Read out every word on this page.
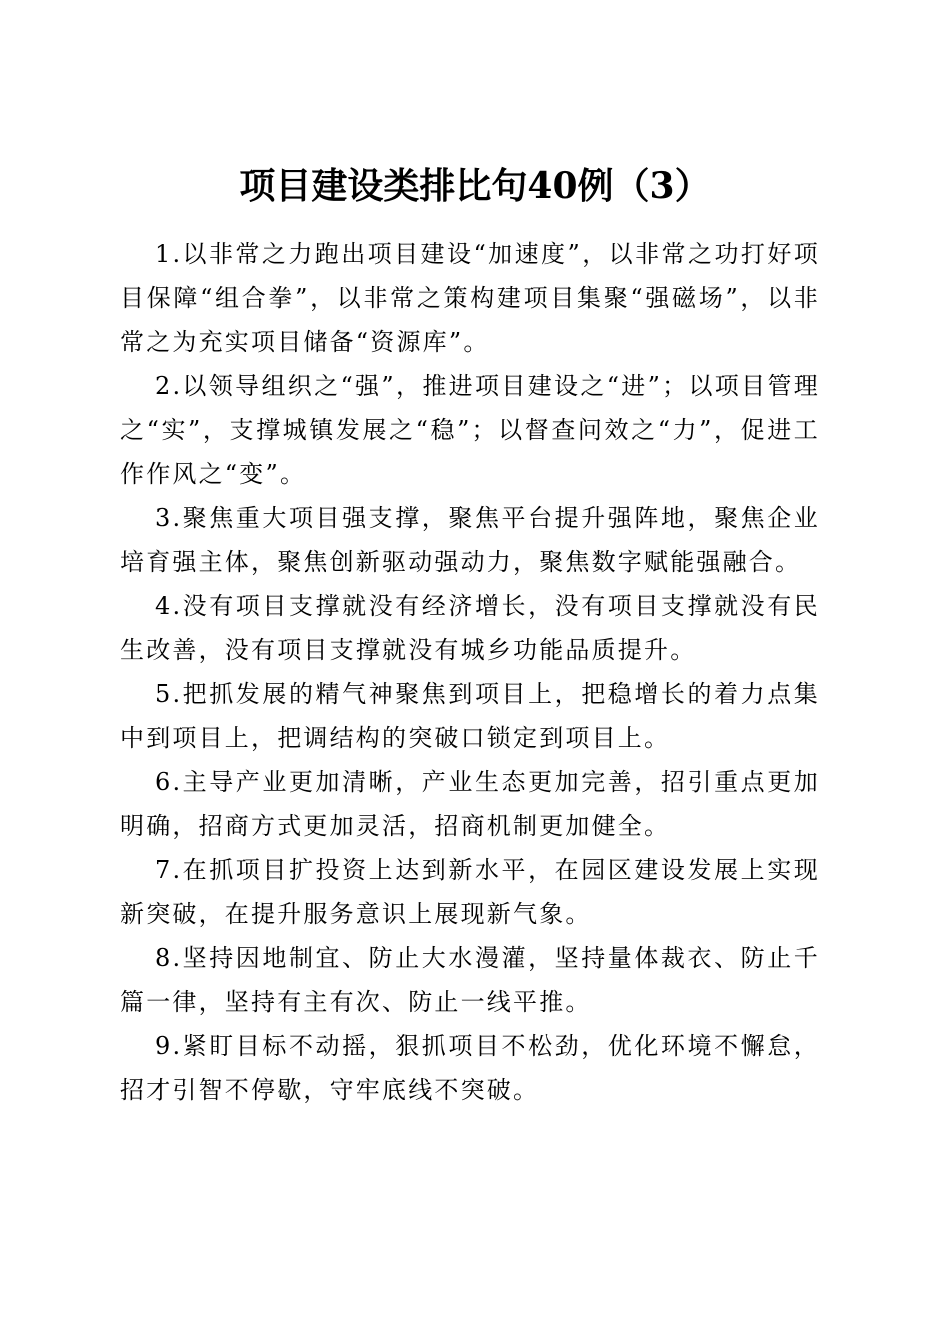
项目建设类排比句40例（3）

1.以非常之力跑出项目建设“加速度”，以非常之功打好项目保障“组合拳”，以非常之策构建项目集聚“强磁场”，以非常之为充实项目储备“资源库”。

2.以领导组织之“强”，推进项目建设之“进”；以项目管理之“实”，支撑城镇发展之“稳”；以督查问效之“力”，促进工作作风之“变”。

3.聚焦重大项目强支撑，聚焦平台提升强阵地，聚焦企业培育强主体，聚焦创新驱动强动力，聚焦数字赋能强融合。

4.没有项目支撑就没有经济增长，没有项目支撑就没有民生改善，没有项目支撑就没有城乡功能品质提升。

5.把抓发展的精气神聚焦到项目上，把稳增长的着力点集中到项目上，把调结构的突破口锁定到项目上。

6.主导产业更加清晰，产业生态更加完善，招引重点更加明确，招商方式更加灵活，招商机制更加健全。

7.在抓项目扩投资上达到新水平，在园区建设发展上实现新突破，在提升服务意识上展现新气象。

8.坚持因地制宜、防止大水漫灌，坚持量体裁衣、防止千篇一律，坚持有主有次、防止一线平推。

9.紧盯目标不动摇，狠抓项目不松劲，优化环境不懈怠，招才引智不停歇，守牢底线不突破。
